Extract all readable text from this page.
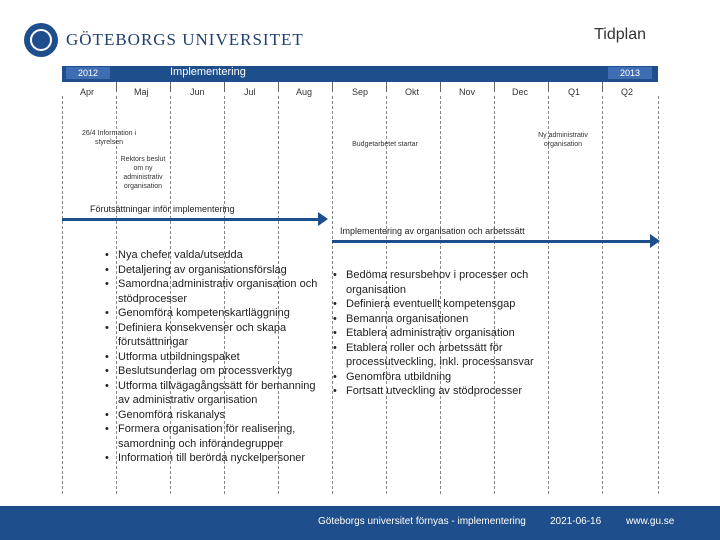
GÖTEBORGS UNIVERSITET	Tidplan
2012	Implementering	2013
Apr	Maj	Jun	Jul	Aug	Sep	Okt	Nov	Dec	Q1	Q2
26/4 Information i styrelsen
Rektors beslut om ny administrativ organisation
Budgetarbetet startar
Ny administrativ organisation
Förutsättningar inför implementering
Implementering av organisation och arbetssätt
• Nya chefer valda/utsedda
• Detaljering av organisationsförslag
• Samordna administrativ organisation och stödprocesser
• Genomföra kompetenskartläggning
• Definiera konsekvenser och skapa förutsättningar
• Utforma utbildningspaket
• Beslutsunderlag om processverktyg
• Utforma tillvägagångssätt för bemanning av administrativ organisation
• Genomföra riskanalys
• Formera organisation för realisering, samordning och införandegrupper
• Information till berörda nyckelpersoner
• Bedöma resursbehov i processer och organisation
• Definiera eventuellt kompetensgap
• Bemanna organisationen
• Etablera administrativ organisation
• Etablera roller och arbetssätt för processutveckling, inkl. processansvar
• Genomföra utbildning
• Fortsatt utveckling av stödprocesser
Göteborgs universitet förnyas - implementering 2021-06-16 www.gu.se
